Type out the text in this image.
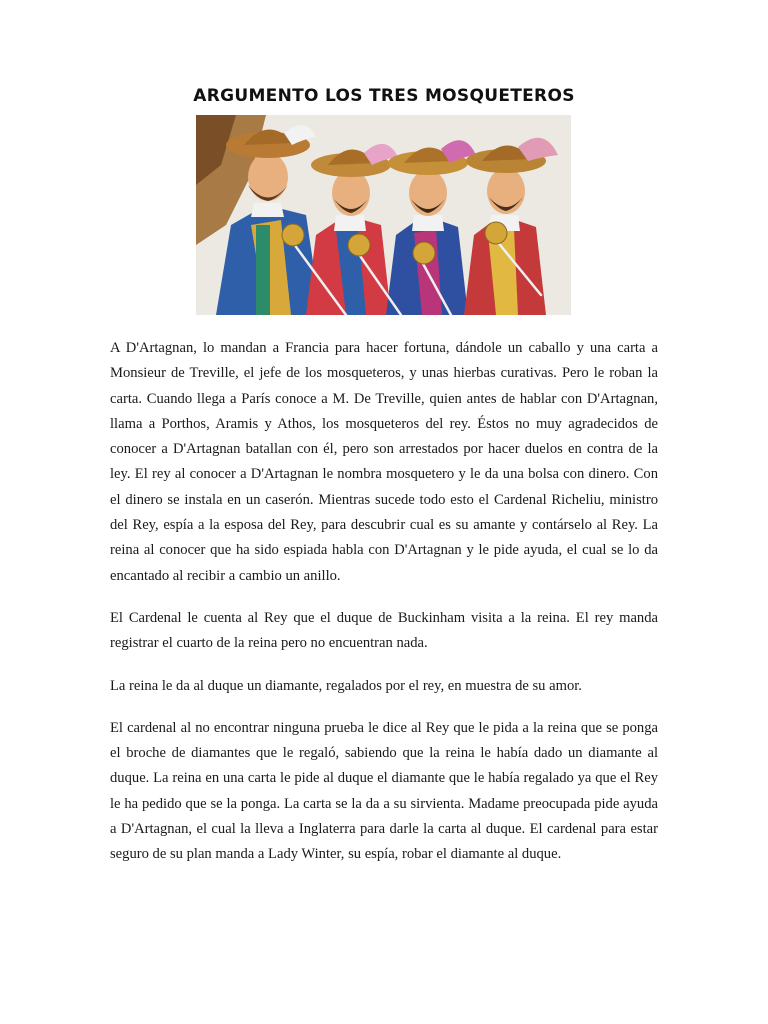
ARGUMENTO LOS TRES MOSQUETEROS

A D'Artagnan, lo mandan a Francia para hacer fortuna, dándole un caballo y una carta a Monsieur de Treville, el jefe de los mosqueteros, y unas hierbas curativas. Pero le roban la carta. Cuando llega a París conoce a M. De Treville, quien antes de hablar con D'Artagnan, llama a Porthos, Aramis y Athos, los mosqueteros del rey. Éstos no muy agradecidos de conocer a D'Artagnan batallan con él, pero son arrestados por hacer duelos en contra de la ley. El rey al conocer a D'Artagnan le nombra mosquetero y le da una bolsa con dinero. Con el dinero se instala en un caserón. Mientras sucede todo esto el Cardenal Richeliu, ministro del Rey, espía a la esposa del Rey, para descubrir cual es su amante y contárselo al Rey. La reina al conocer que ha sido espiada habla con D'Artagnan y le pide ayuda, el cual se lo da encantado al recibir a cambio un anillo.

El Cardenal le cuenta al Rey que el duque de Buckinham visita a la reina. El rey manda registrar el cuarto de la reina pero no encuentran nada.

La reina le da al duque un diamante, regalados por el rey, en muestra de su amor.

El cardenal al no encontrar ninguna prueba le dice al Rey que le pida a la reina que se ponga el broche de diamantes que le regaló, sabiendo que la reina le había dado un diamante al duque. La reina en una carta le pide al duque el diamante que le había regalado ya que el Rey le ha pedido que se la ponga. La carta se la da a su sirvienta. Madame preocupada pide ayuda a D'Artagnan, el cual la lleva a Inglaterra para darle la carta al duque. El cardenal para estar seguro de su plan manda a Lady Winter, su espía, robar el diamante al duque.
